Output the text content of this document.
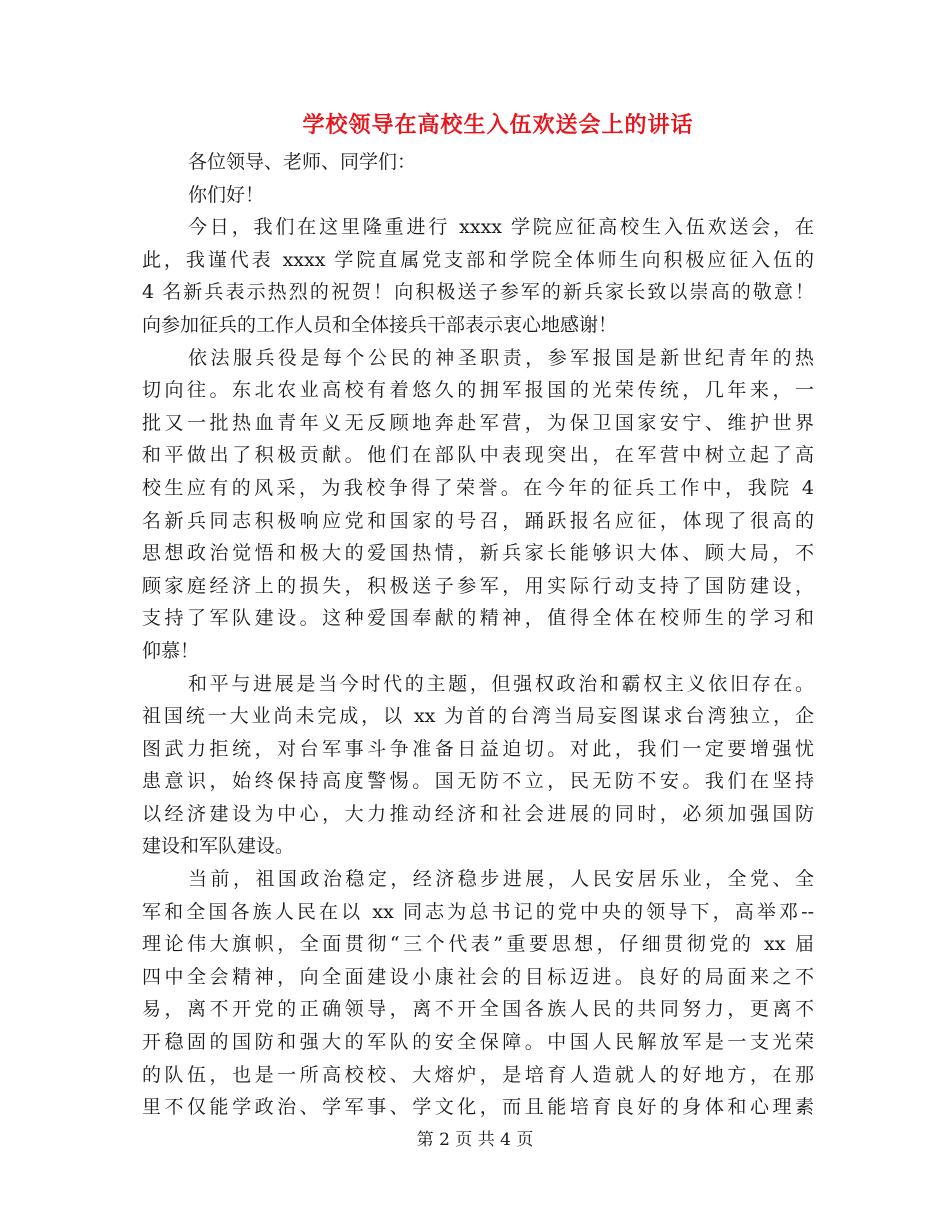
学校领导在高校生入伍欢送会上的讲话
各位领导、老师、同学们：
你们好！
今日，我们在这里隆重进行 xxxx 学院应征高校生入伍欢送会，在
此，我谨代表 xxxx 学院直属党支部和学院全体师生向积极应征入伍的
4 名新兵表示热烈的祝贺！向积极送子参军的新兵家长致以崇高的敬意！
向参加征兵的工作人员和全体接兵干部表示衷心地感谢！
依法服兵役是每个公民的神圣职责，参军报国是新世纪青年的热
切向往。东北农业高校有着悠久的拥军报国的光荣传统，几年来，一
批又一批热血青年义无反顾地奔赴军营，为保卫国家安宁、维护世界
和平做出了积极贡献。他们在部队中表现突出，在军营中树立起了高
校生应有的风采，为我校争得了荣誉。在今年的征兵工作中，我院 4
名新兵同志积极响应党和国家的号召，踊跃报名应征，体现了很高的
思想政治觉悟和极大的爱国热情，新兵家长能够识大体、顾大局，不
顾家庭经济上的损失，积极送子参军，用实际行动支持了国防建设，
支持了军队建设。这种爱国奉献的精神，值得全体在校师生的学习和
仰慕！
和平与进展是当今时代的主题，但强权政治和霸权主义依旧存在。
祖国统一大业尚未完成，以 xx 为首的台湾当局妄图谋求台湾独立，企
图武力拒统，对台军事斗争准备日益迫切。对此，我们一定要增强忧
患意识，始终保持高度警惕。国无防不立，民无防不安。我们在坚持
以经济建设为中心，大力推动经济和社会进展的同时，必须加强国防
建设和军队建设。
当前，祖国政治稳定，经济稳步进展，人民安居乐业，全党、全
军和全国各族人民在以 xx 同志为总书记的党中央的领导下，高举邓--
理论伟大旗帜，全面贯彻“三个代表”重要思想，仔细贯彻党的 xx 届
四中全会精神，向全面建设小康社会的目标迈进。良好的局面来之不
易，离不开党的正确领导，离不开全国各族人民的共同努力，更离不
开稳固的国防和强大的军队的安全保障。中国人民解放军是一支光荣
的队伍，也是一所高校校、大熔炉，是培育人造就人的好地方，在那
里不仅能学政治、学军事、学文化，而且能培育良好的身体和心理素
第 2 页 共 4 页
